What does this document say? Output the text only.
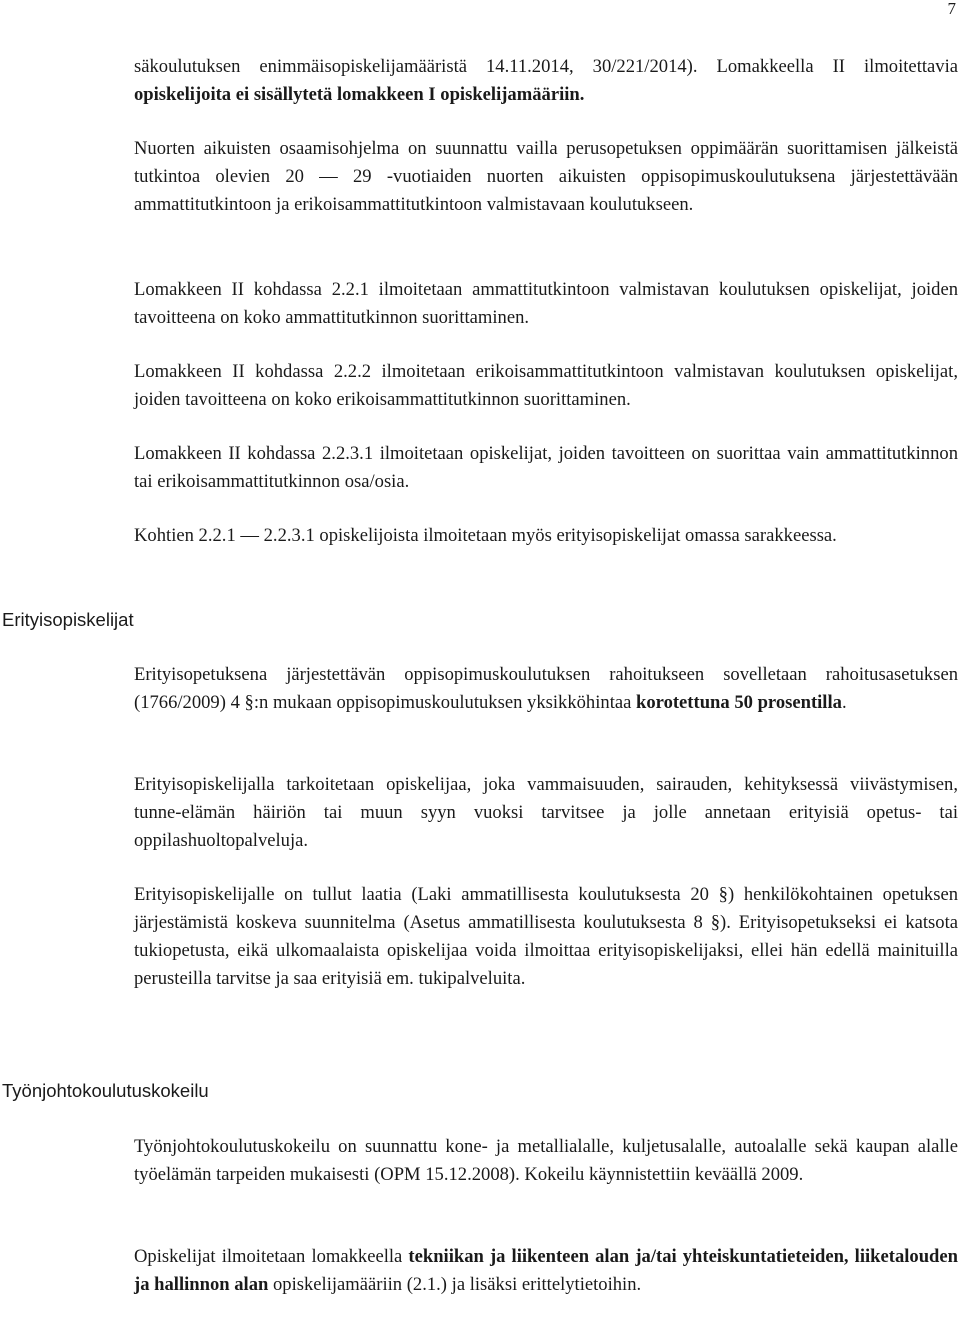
7

säkoulutuksen enimmäisopiskelijamääristä 14.11.2014, 30/221/2014). Lomakkeella II ilmoitettavia opiskelijoita ei sisällytetä lomakkeen I opiskelijamääriin.

Nuorten aikuisten osaamisohjelma on suunnattu vailla perusopetuksen oppimäärän suorittamisen jälkeistä tutkintoa olevien 20 — 29 -vuotiaiden nuorten aikuisten oppisopimuskoulutuksena järjestettävään ammattitutkintoon ja erikoisammattitutkintoon valmistavaan koulutukseen.

Lomakkeen II kohdassa 2.2.1 ilmoitetaan ammattitutkintoon valmistavan koulutuksen opiskelijat, joiden tavoitteena on koko ammattitutkinnon suorittaminen.

Lomakkeen II kohdassa 2.2.2 ilmoitetaan erikoisammattitutkintoon valmistavan koulutuksen opiskelijat, joiden tavoitteena on koko erikoisammattitutkinnon suorittaminen.

Lomakkeen II kohdassa 2.2.3.1 ilmoitetaan opiskelijat, joiden tavoitteen on suorittaa vain ammattitutkinnon tai erikoisammattitutkinnon osa/osia.

Kohtien 2.2.1 — 2.2.3.1 opiskelijoista ilmoitetaan myös erityisopiskelijat omassa sarakkeessa.

Erityisopiskelijat

Erityisopetuksena järjestettävän oppisopimuskoulutuksen rahoitukseen sovelletaan rahoitusasetuksen (1766/2009) 4 §:n mukaan oppisopimuskoulutuksen yksikköhintaa korotettuna 50 prosentilla.

Erityisopiskelijalla tarkoitetaan opiskelijaa, joka vammaisuuden, sairauden, kehityksessä viivästymisen, tunne-elämän häiriön tai muun syyn vuoksi tarvitsee ja jolle annetaan erityisiä opetus- tai oppilashuoltopalveluja.

Erityisopiskelijalle on tullut laatia (Laki ammatillisesta koulutuksesta 20 §) henkilökohtainen opetuksen järjestämistä koskeva suunnitelma (Asetus ammatillisesta koulutuksesta 8 §). Erityisopetukseksi ei katsota tukiopetusta, eikä ulkomaalaista opiskelijaa voida ilmoittaa erityisopiskelijaksi, ellei hän edellä mainituilla perusteilla tarvitse ja saa erityisiä em. tukipalveluita.

Työnjohtokoulutuskokeilu

Työnjohtokoulutuskokeilu on suunnattu kone- ja metallialalle, kuljetusalalle, autoalalle sekä kaupan alalle työelämän tarpeiden mukaisesti (OPM 15.12.2008). Kokeilu käynnistettiin keväällä 2009.

Opiskelijat ilmoitetaan lomakkeella tekniikan ja liikenteen alan ja/tai yhteiskuntatieteiden, liiketalouden ja hallinnon alan opiskelijamääriin (2.1.) ja lisäksi erittelytietoihin.
